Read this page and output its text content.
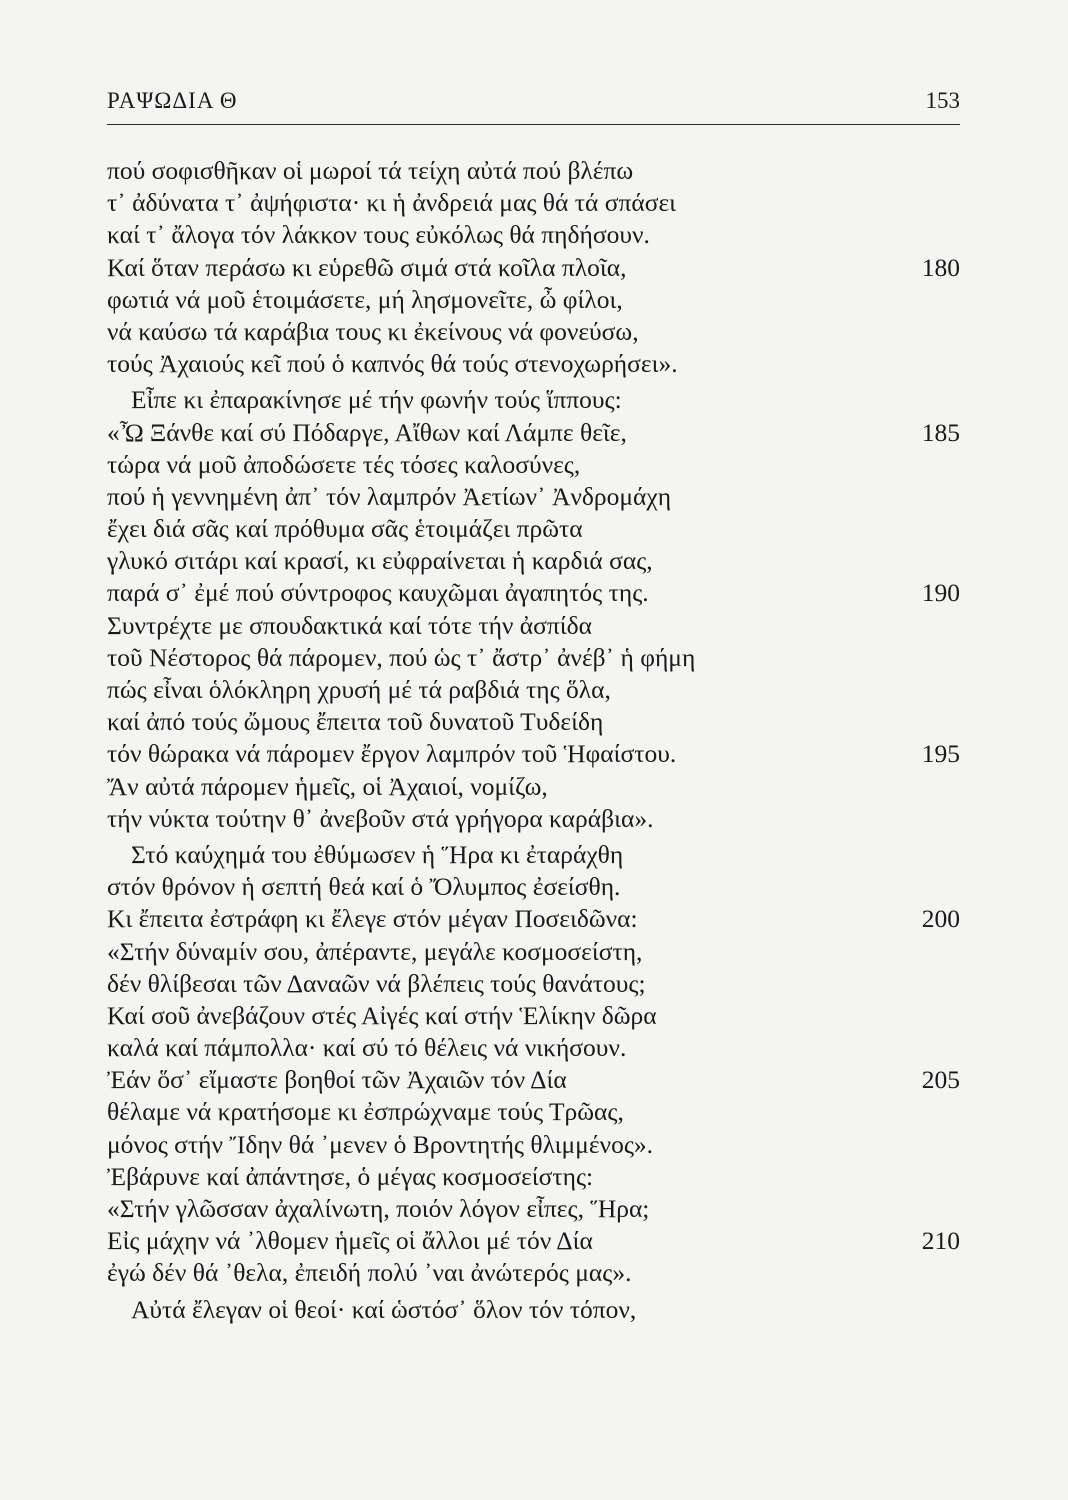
ΡΑΨΩΔΙΑ Θ	153
πού σοφισθῆκαν οἱ μωροί τά τείχη αὐτά πού βλέπω
τ᾽ ἀδύνατα τ᾽ ἀψήφιστα· κι ἡ ἀνδρειά μας θά τά σπάσει
καί τ᾽ ἄλογα τόν λάκκον τους εὐκόλως θά πηδήσουν.
Καί ὅταν περάσω κι εὑρεθῶ σιμά στά κοῖλα πλοῖα,	180
φωτιά νά μοῦ ἑτοιμάσετε, μή λησμονεῖτε, ὦ φίλοι,
νά καύσω τά καράβια τους κι ἐκείνους νά φονεύσω,
τούς Ἀχαιούς κεῖ πού ὁ καπνός θά τούς στενοχωρήσει».
Εἶπε κι ἐπαρακίνησε μέ τήν φωνήν τούς ἵππους:
«Ὦ Ξάνθε καί σύ Πόδαργε, Αἴθων καί Λάμπε θεῖε,	185
τώρα νά μοῦ ἀποδώσετε τές τόσες καλοσύνες,
πού ἡ γεννημένη ἀπ᾽ τόν λαμπρόν Ἀετίων᾽ Ἀνδρομάχη
ἔχει διά σᾶς καί πρόθυμα σᾶς ἑτοιμάζει πρῶτα
γλυκό σιτάρι καί κρασί, κι εὐφραίνεται ἡ καρδιά σας,
παρά σ᾽ ἐμέ πού σύντροφος καυχῶμαι ἀγαπητός της.	190
Συντρέχτε με σπουδακτικά καί τότε τήν ἀσπίδα
τοῦ Νέστορος θά πάρομεν, πού ὡς τ᾽ ἄστρ᾽ ἀνέβ᾽ ἡ φήμη
πώς εἶναι ὁλόκληρη χρυσή μέ τά ραβδιά της ὅλα,
καί ἀπό τούς ὤμους ἔπειτα τοῦ δυνατοῦ Τυδείδη
τόν θώρακα νά πάρομεν ἔργον λαμπρόν τοῦ Ἡφαίστου.	195
Ἄν αὐτά πάρομεν ἡμεῖς, οἱ Ἀχαιοί, νομίζω,
τήν νύκτα τούτην θ᾽ ἀνεβοῦν στά γρήγορα καράβια».
Στό καύχημά του ἐθύμωσεν ἡ Ἥρα κι ἐταράχθη
στόν θρόνον ἡ σεπτή θεά καί ὁ Ὄλυμπος ἐσείσθη.
Κι ἔπειτα ἐστράφη κι ἔλεγε στόν μέγαν Ποσειδῶνα:	200
«Στήν δύναμίν σου, ἀπέραντε, μεγάλε κοσμοσείστη,
δέν θλίβεσαι τῶν Δαναῶν νά βλέπεις τούς θανάτους;
Καί σοῦ ἀνεβάζουν στές Αἰγές καί στήν Ἑλίκην δῶρα
καλά καί πάμπολλα· καί σύ τό θέλεις νά νικήσουν.
Ἐάν ὅσ᾽ εἴμαστε βοηθοί τῶν Ἀχαιῶν τόν Δία	205
θέλαμε νά κρατήσομε κι ἐσπρώχναμε τούς Τρῶας,
μόνος στήν Ἴδην θά ᾽μενεν ὁ Βροντητής θλιμμένος».
Ἐβάρυνε καί ἀπάντησε, ὁ μέγας κοσμοσείστης:
«Στήν γλῶσσαν ἀχαλίνωτη, ποιόν λόγον εἶπες, Ἥρα;
Εἰς μάχην νά ᾽λθομεν ἡμεῖς οἱ ἄλλοι μέ τόν Δία	210
ἐγώ δέν θά ᾽θελα, ἐπειδή πολύ ᾽ναι ἀνώτερός μας».
Αὐτά ἔλεγαν οἱ θεοί· καί ὡστόσ᾽ ὅλον τόν τόπον,
